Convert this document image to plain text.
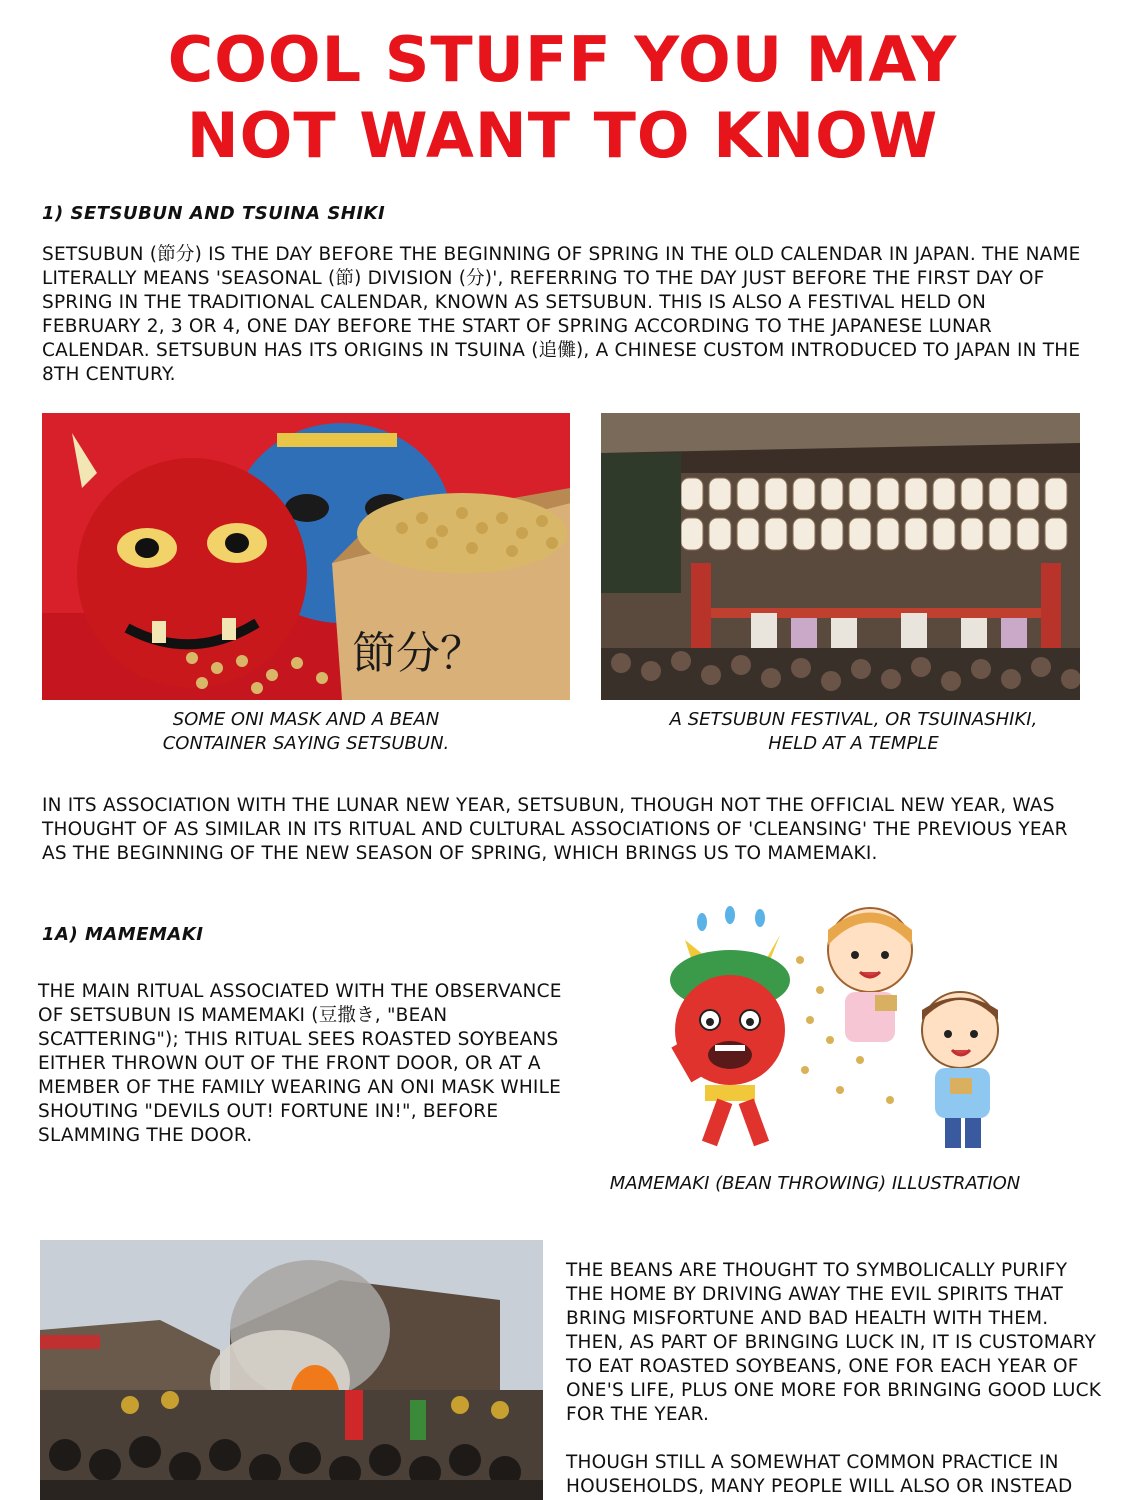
COOL STUFF YOU MAY
NOT WANT TO KNOW

1) SETSUBUN AND TSUINA SHIKI

SETSUBUN (節分) IS THE DAY BEFORE THE BEGINNING OF SPRING IN THE OLD CALENDAR IN JAPAN. THE NAME LITERALLY MEANS 'SEASONAL (節) DIVISION (分)', REFERRING TO THE DAY JUST BEFORE THE FIRST DAY OF SPRING IN THE TRADITIONAL CALENDAR, KNOWN AS SETSUBUN. THIS IS ALSO A FESTIVAL HELD ON FEBRUARY 2, 3 OR 4, ONE DAY BEFORE THE START OF SPRING ACCORDING TO THE JAPANESE LUNAR CALENDAR. SETSUBUN HAS ITS ORIGINS IN TSUINA (追儺), A CHINESE CUSTOM INTRODUCED TO JAPAN IN THE 8TH CENTURY.

節分？

SOME ONI MASK AND A BEAN
CONTAINER SAYING SETSUBUN.

A SETSUBUN FESTIVAL, OR TSUINASHIKI,
HELD AT A TEMPLE

IN ITS ASSOCIATION WITH THE LUNAR NEW YEAR, SETSUBUN, THOUGH NOT THE OFFICIAL NEW YEAR, WAS THOUGHT OF AS SIMILAR IN ITS RITUAL AND CULTURAL ASSOCIATIONS OF 'CLEANSING' THE PREVIOUS YEAR AS THE BEGINNING OF THE NEW SEASON OF SPRING, WHICH BRINGS US TO MAMEMAKI.

1A) MAMEMAKI

THE MAIN RITUAL ASSOCIATED WITH THE OBSERVANCE OF SETSUBUN IS MAMEMAKI (豆撒き, "BEAN SCATTERING"); THIS RITUAL SEES ROASTED SOYBEANS EITHER THROWN OUT OF THE FRONT DOOR, OR AT A MEMBER OF THE FAMILY WEARING AN ONI MASK WHILE SHOUTING "DEVILS OUT! FORTUNE IN!", BEFORE SLAMMING THE DOOR.

MAMEMAKI (BEAN THROWING) ILLUSTRATION

THE BEANS ARE THOUGHT TO SYMBOLICALLY PURIFY THE HOME BY DRIVING AWAY THE EVIL SPIRITS THAT BRING MISFORTUNE AND BAD HEALTH WITH THEM. THEN, AS PART OF BRINGING LUCK IN, IT IS CUSTOMARY TO EAT ROASTED SOYBEANS, ONE FOR EACH YEAR OF ONE'S LIFE, PLUS ONE MORE FOR BRINGING GOOD LUCK FOR THE YEAR.

THOUGH STILL A SOMEWHAT COMMON PRACTICE IN HOUSEHOLDS, MANY PEOPLE WILL ALSO OR INSTEAD
